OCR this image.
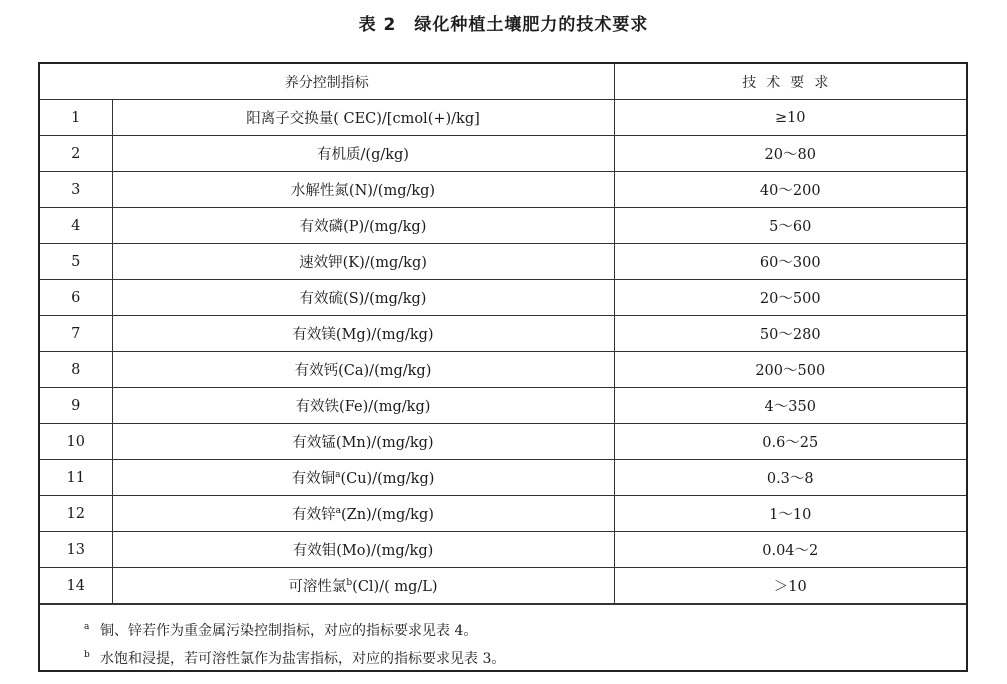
表 2　绿化种植土壤肥力的技术要求
养分控制指标		技术要求
1	阳离子交换量( CEC)/[cmol(+)/kg]	≥10
2	有机质/(g/kg)	20～80
3	水解性氮(N)/(mg/kg)	40～200
4	有效磷(P)/(mg/kg)	5～60
5	速效钾(K)/(mg/kg)	60～300
6	有效硫(S)/(mg/kg)	20～500
7	有效镁(Mg)/(mg/kg)	50～280
8	有效钙(Ca)/(mg/kg)	200～500
9	有效铁(Fe)/(mg/kg)	4～350
10	有效锰(Mn)/(mg/kg)	0.6～25
11	有效铜$^a$(Cu)/(mg/kg)	0.3～8
12	有效锌$^a$(Zn)/(mg/kg)	1～10
13	有效钼(Mo)/(mg/kg)	0.04～2
14	可溶性氯$^b$(Cl)/( mg/L)	＞10
a 铜、锌若作为重金属污染控制指标，对应的指标要求见表 4。
b 水饱和浸提，若可溶性氯作为盐害指标，对应的指标要求见表 3。
